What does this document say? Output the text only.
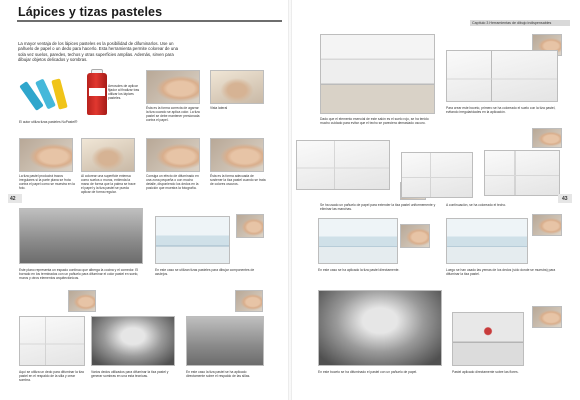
Lápices y tizas pasteles
Capítulo 3 Herramientas de dibujo indispensables
La mayor ventaja de los lápices pasteles es la posibilidad de difuminarlos. Use un pañuelo de papel o un dedo para hacerlo. Esta herramienta permite colorear de una sola vez suelos, paredes, techos y otras superficies amplias. Además, sirven para dibujar objetos delicados y sombras.
El autor utiliza tizas pasteles NuPastel®
Aerosoles de aplicar fijador al finalizar tras utilizar los lápices pasteles.
Ésta es la forma correcta de agarrar la tiza cuando se aplica color. La tiza pastel se debe mantener presionada contra el papel.
Vista lateral
La tiza pastel producirá trazos irregulares si la parte plana se frota contra el papel como se muestra en la foto.
Al colorear una superficie extensa como suelos o muros, extienda la mano de forma que la palma se trace el papel y la tiza pastel se pueda aplicar de forma regular.
Consiga un efecto de difuminado en una zona pequeña o con mucho detalle, disponiendo los dedos en la posición que muestra la fotografía.
Ésta es la forma adecuada de sostener la tiza pastel cuando se trata de colores oscuros.
Este plano representa un espacio continuo que alberga la cocina y el comedor. El borrado en los terminados con un pañuelo para difuminar el color pastel en suelo, muros y otros elementos arquitectónicos.
En este caso se utilizan tizas pasteles para dibujar componentes de azulejos.
Aquí se utiliza un dedo para difuminar la tiza pastel en el respaldo de la silla y crear sombra.
Varios dedos utilizados para difuminar la tiza pastel y generar sombras en una esta tecnicas.
En este caso la tiza pastel se ha aplicado directamente sobre el respaldo de las sillas.
Dado que el elemento esencial de este salón es el suelo rojo, se ha tenido mucho cuidado para evitar que el techo se pareciera demasiado oscuro.
Para crear este boceto, primero se ha coloreado el suelo con la tiza pastel, evitando irregularidades en la aplicación.
Se ha usado un pañuelo de papel para extender la tiza pastel uniformemente y eliminar las manchas.
A continuación, se ha coloreado el techo.
En este caso se ha aplicado la tiza pastel directamente.	Luego se han usado las yemas de los dedos (sólo donde se muestra) para difuminar la tiza pastel.
En este boceto se ha difuminado el pastel con un pañuelo de papel.	Pastel aplicado directamente sobre las flores.
42	43
